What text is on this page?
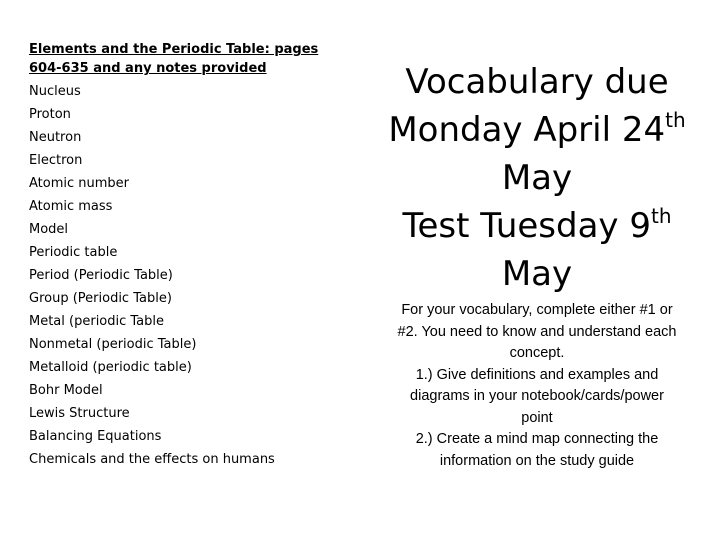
Elements and the Periodic Table: pages
604-635 and any notes provided
Nucleus
Proton
Neutron
Electron
Atomic number
Atomic mass
Model
Periodic table
Period (Periodic Table)
Group (Periodic Table)
Metal (periodic Table
Nonmetal (periodic Table)
Metalloid (periodic table)
Bohr Model
Lewis Structure
Balancing Equations
Chemicals and the effects on humans

Vocabulary due

Monday April 24th

May

Test Tuesday 9th

May

For your vocabulary, complete either #1 or
#2. You need to know and understand each
concept.
1.) Give definitions and examples and
diagrams in your notebook/cards/power
point
2.) Create a mind map connecting the
information on the study guide
